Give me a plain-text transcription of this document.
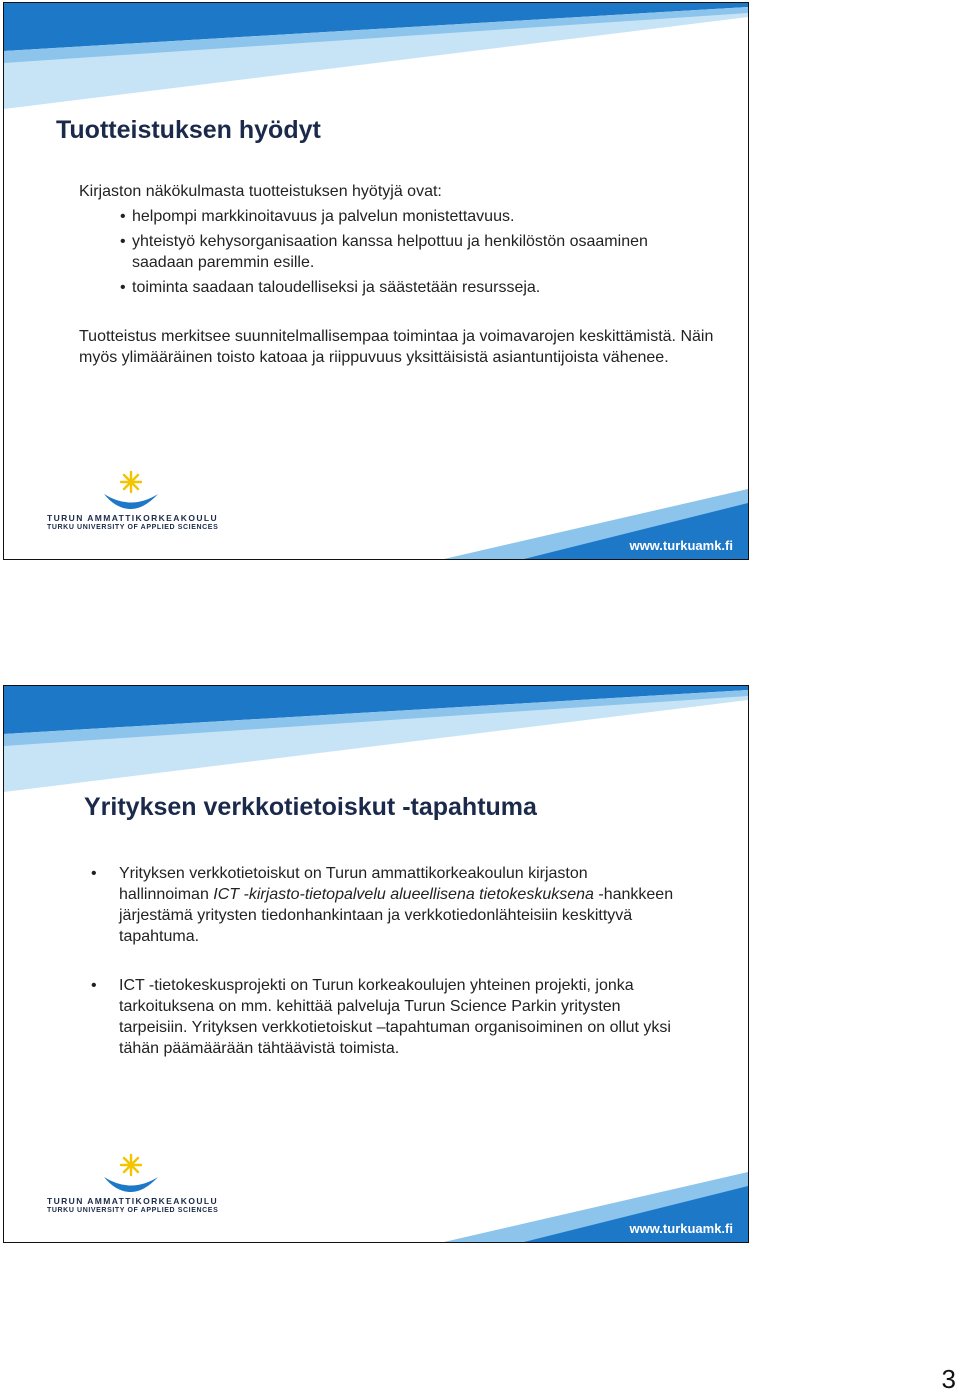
Tuotteistuksen hyödyt
Kirjaston näkökulmasta tuotteistuksen hyötyjä ovat:
• helpompi markkinoitavuus ja palvelun monistettavuus.
• yhteistyö kehysorganisaation kanssa helpottuu ja henkilöstön osaaminen saadaan paremmin esille.
• toiminta saadaan taloudelliseksi ja säästetään resursseja.
Tuotteistus merkitsee suunnitelmallisempaa toimintaa ja voimavarojen keskittämistä. Näin myös ylimääräinen toisto katoaa ja riippuvuus yksittäisistä asiantuntijoista vähenee.
TURUN AMMATTIKORKEAKOULU
TURKU UNIVERSITY OF APPLIED SCIENCES
www.turkuamk.fi
Yrityksen verkkotietoiskut -tapahtuma
• Yrityksen verkkotietoiskut on Turun ammattikorkeakoulun kirjaston hallinnoiman ICT -kirjasto-tietopalvelu alueellisena tietokeskuksena -hankkeen järjestämä yritysten tiedonhankintaan ja verkkotiedonlähteisiin keskittyvä tapahtuma.
• ICT -tietokeskusprojekti on Turun korkeakoulujen yhteinen projekti, jonka tarkoituksena on mm. kehittää palveluja Turun Science Parkin yritysten tarpeisiin. Yrityksen verkkotietoiskut –tapahtuman organisoiminen on ollut yksi tähän päämäärään tähtäävistä toimista.
TURUN AMMATTIKORKEAKOULU
TURKU UNIVERSITY OF APPLIED SCIENCES
www.turkuamk.fi
3
